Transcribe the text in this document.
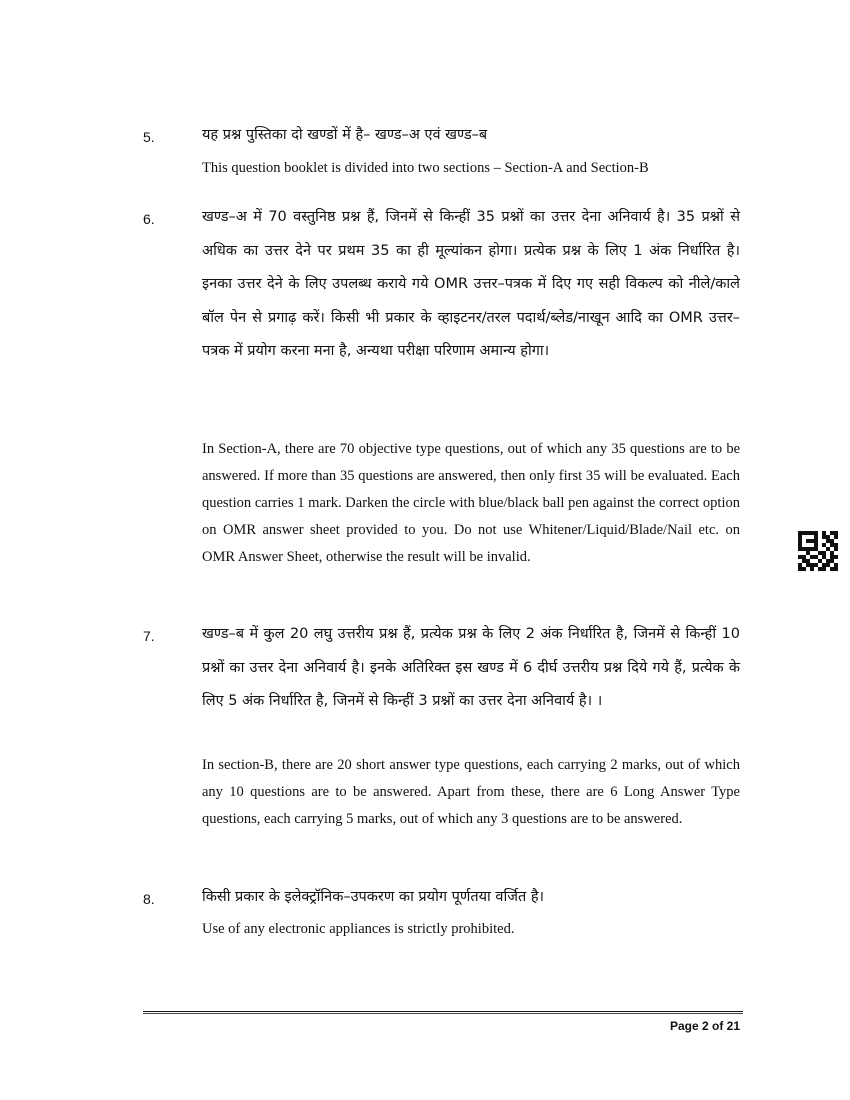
5.	यह प्रश्न पुस्तिका दो खण्डों में है– खण्ड–अ एवं खण्ड–ब
This question booklet is divided into two sections – Section-A and Section-B
6.	खण्ड–अ में 70 वस्तुनिष्ठ प्रश्न हैं, जिनमें से किन्हीं 35 प्रश्नों का उत्तर देना अनिवार्य है। 35 प्रश्नों से अधिक का उत्तर देने पर प्रथम 35 का ही मूल्यांकन होगा। प्रत्येक प्रश्न के लिए 1 अंक निर्धारित है। इनका उत्तर देने के लिए उपलब्ध कराये गये OMR उत्तर–पत्रक में दिए गए सही विकल्प को नीले/काले बॉल पेन से प्रगाढ़ करें। किसी भी प्रकार के व्हाइटनर/तरल पदार्थ/ब्लेड/नाखून आदि का OMR उत्तर–पत्रक में प्रयोग करना मना है, अन्यथा परीक्षा परिणाम अमान्य होगा।
In Section-A, there are 70 objective type questions, out of which any 35 questions are to be answered. If more than 35 questions are answered, then only first 35 will be evaluated. Each question carries 1 mark. Darken the circle with blue/black ball pen against the correct option on OMR answer sheet provided to you. Do not use Whitener/Liquid/Blade/Nail etc. on OMR Answer Sheet, otherwise the result will be invalid.
7.	खण्ड–ब में कुल 20 लघु उत्तरीय प्रश्न हैं, प्रत्येक प्रश्न के लिए 2 अंक निर्धारित है, जिनमें से किन्हीं 10 प्रश्नों का उत्तर देना अनिवार्य है। इनके अतिरिक्त इस खण्ड में 6 दीर्घ उत्तरीय प्रश्न दिये गये हैं, प्रत्येक के लिए 5 अंक निर्धारित है, जिनमें से किन्हीं 3 प्रश्नों का उत्तर देना अनिवार्य है। ।
In section-B, there are 20 short answer type questions, each carrying 2 marks, out of which any 10 questions are to be answered. Apart from these, there are 6 Long Answer Type questions, each carrying 5 marks, out of which any 3 questions are to be answered.
8.	किसी प्रकार के इलेक्ट्रॉनिक–उपकरण का प्रयोग पूर्णतया वर्जित है।
Use of any electronic appliances is strictly prohibited.
Page 2 of 21
